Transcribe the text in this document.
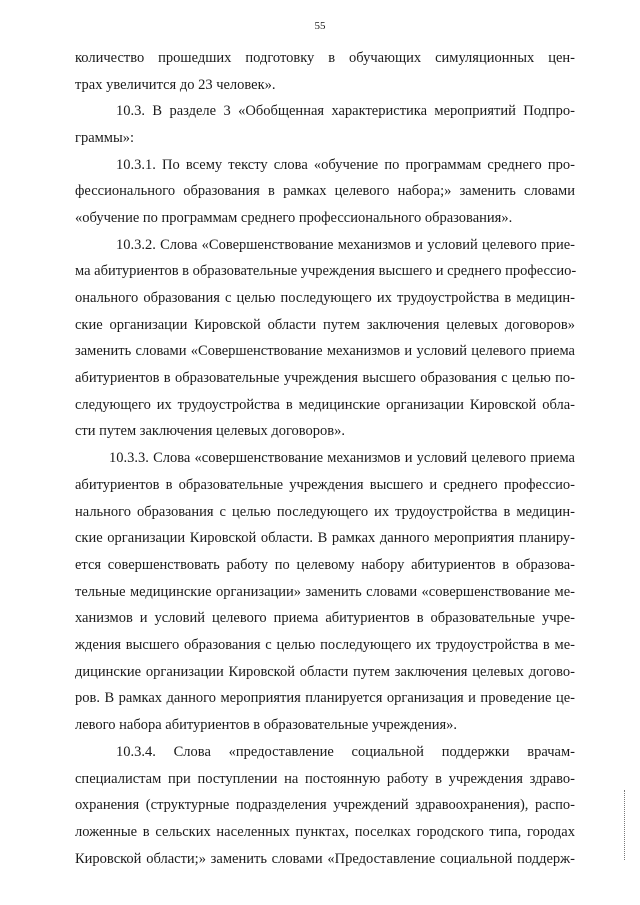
55
количество прошедших подготовку в обучающих симуляционных цен-
трах увеличится до 23 человек».
10.3. В разделе 3 «Обобщенная характеристика мероприятий Подпро-
граммы»:
10.3.1. По всему тексту слова «обучение по программам среднего про-
фессионального образования в рамках целевого набора;» заменить словами
«обучение по программам среднего профессионального образования».
10.3.2. Слова «Совершенствование механизмов и условий целевого прие-
ма абитуриентов в образовательные учреждения высшего и среднего профессио-
онального образования с целью последующего их трудоустройства в медицин-
ские организации Кировской области путем заключения целевых договоров»
заменить словами «Совершенствование механизмов и условий целевого приема
абитуриентов в образовательные учреждения высшего образования с целью по-
следующего их трудоустройства в медицинские организации Кировской обла-
сти путем заключения целевых договоров».
10.3.3. Слова «совершенствование механизмов и условий целевого приема
абитуриентов в образовательные учреждения высшего и среднего профессио-
нального образования с целью последующего их трудоустройства в медицин-
ские организации Кировской области. В рамках данного мероприятия планиру-
ется совершенствовать работу по целевому набору абитуриентов в образова-
тельные медицинские организации» заменить словами «совершенствование ме-
ханизмов и условий целевого приема абитуриентов в образовательные учре-
ждения высшего образования с целью последующего их трудоустройства в ме-
дицинские организации Кировской области путем заключения целевых догово-
ров. В рамках данного мероприятия планируется организация и проведение це-
левого набора абитуриентов в образовательные учреждения».
10.3.4. Слова «предоставление социальной поддержки врачам-
специалистам при поступлении на постоянную работу в учреждения здраво-
охранения (структурные подразделения учреждений здравоохранения), распо-
ложенные в сельских населенных пунктах, поселках городского типа, городах
Кировской области;» заменить словами «Предоставление социальной поддерж-
